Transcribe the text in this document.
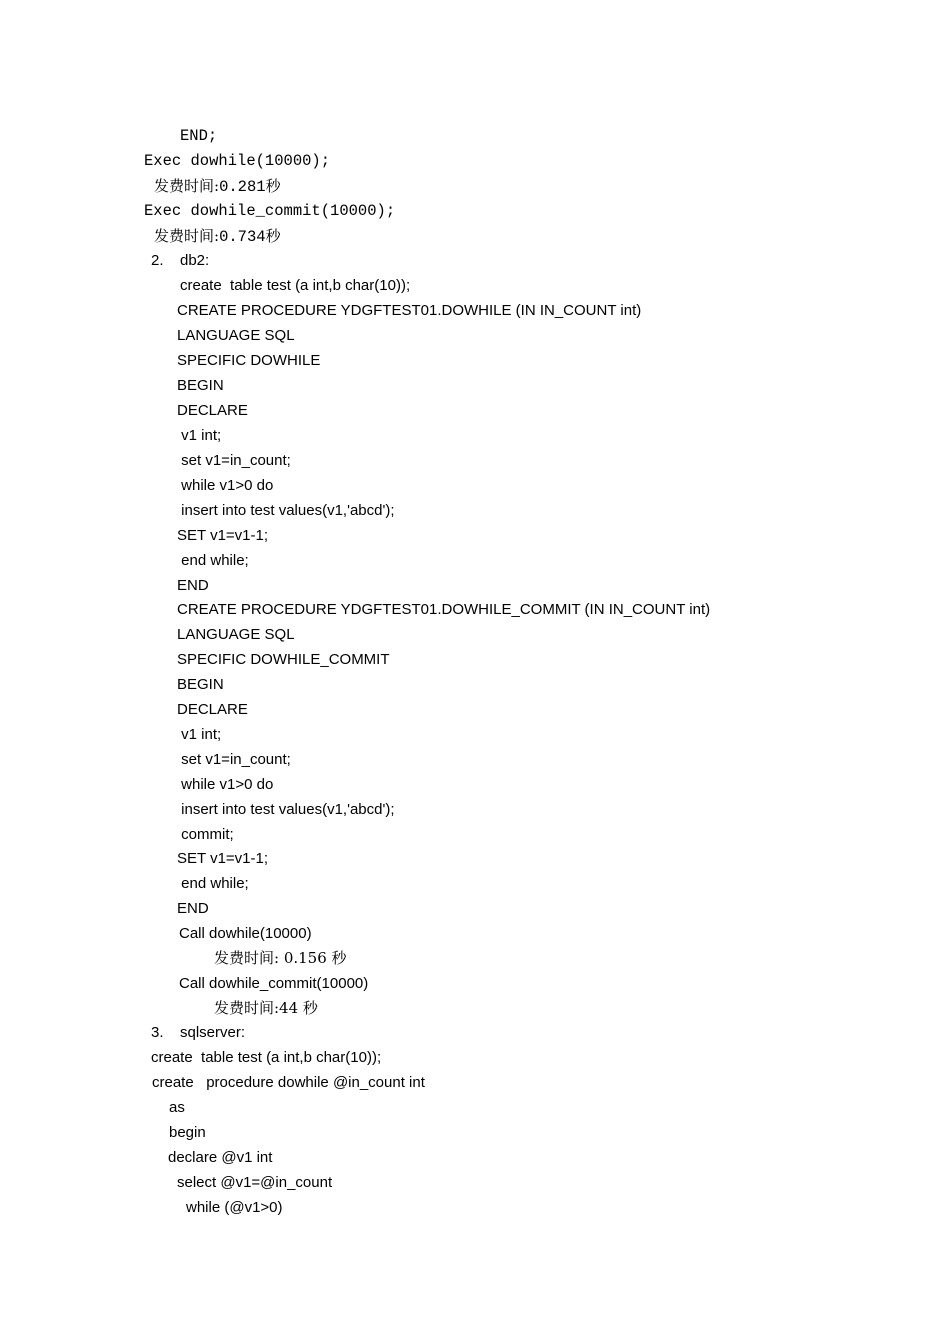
END;
Exec dowhile(10000);
发费时间:0.281秒
Exec dowhile_commit(10000);
发费时间:0.734秒
2. db2:
create  table test (a int,b char(10));
CREATE PROCEDURE YDGFTEST01.DOWHILE (IN IN_COUNT int)
LANGUAGE SQL
SPECIFIC DOWHILE
BEGIN
DECLARE
v1 int;
set v1=in_count;
while v1>0 do
insert into test values(v1,'abcd');
SET v1=v1-1;
end while;
END
CREATE PROCEDURE YDGFTEST01.DOWHILE_COMMIT (IN IN_COUNT int)
LANGUAGE SQL
SPECIFIC DOWHILE_COMMIT
BEGIN
DECLARE
v1 int;
set v1=in_count;
while v1>0 do
insert into test values(v1,'abcd');
commit;
SET v1=v1-1;
end while;
END
Call dowhile(10000)
发费时间: 0.156 秒
Call dowhile_commit(10000)
发费时间:44 秒
3. sqlserver:
create  table test (a int,b char(10));
create   procedure dowhile @in_count int
as
begin
declare @v1 int
select @v1=@in_count
while (@v1>0)
